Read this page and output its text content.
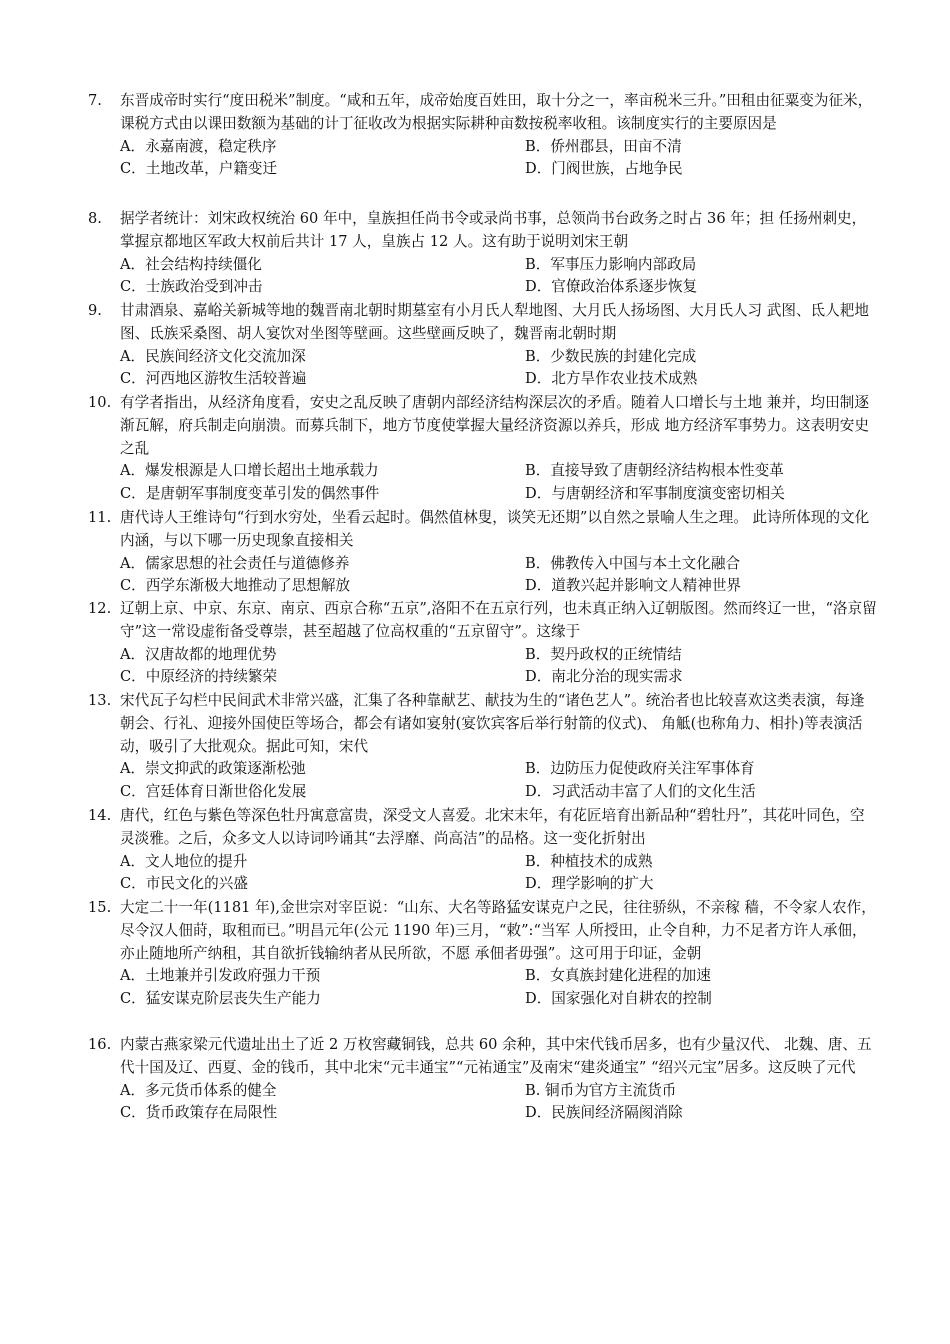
7.	东晋成帝时实行“度田税米”制度。“咸和五年，成帝始度百姓田，取十分之一，率亩税米三升。”田租由征粟变为征米，课税方式由以课田数额为基础的计丁征收改为根据实际耕种亩数按税率收租。该制度实行的主要原因是
A．永嘉南渡，稳定秩序	B．侨州郡县，田亩不清
C．土地改革，户籍变迁	D．门阀世族，占地争民
8.	据学者统计：刘宋政权统治 60 年中，皇族担任尚书令或录尚书事，总领尚书台政务之时占 36 年；担 任扬州刺史，掌握京都地区军政大权前后共计 17 人，皇族占 12 人。这有助于说明刘宋王朝
A．社会结构持续僵化	B．军事压力影响内部政局
C．士族政治受到冲击	D．官僚政治体系逐步恢复
9.	甘肃酒泉、嘉峪关新城等地的魏晋南北朝时期墓室有小月氏人犁地图、大月氏人扬场图、大月氏人习 武图、氐人耙地图、氐族采桑图、胡人宴饮对坐图等壁画。这些壁画反映了，魏晋南北朝时期
A．民族间经济文化交流加深	B．少数民族的封建化完成
C．河西地区游牧生活较普遍	D．北方旱作农业技术成熟
10. 有学者指出，从经济角度看，安史之乱反映了唐朝内部经济结构深层次的矛盾。随着人口增长与土地 兼并，均田制逐渐瓦解，府兵制走向崩溃。而募兵制下，地方节度使掌握大量经济资源以养兵，形成 地方经济军事势力。这表明安史之乱
A．爆发根源是人口增长超出土地承载力	B．直接导致了唐朝经济结构根本性变革
C．是唐朝军事制度变革引发的偶然事件	D．与唐朝经济和军事制度演变密切相关
11. 唐代诗人王维诗句“行到水穷处，坐看云起时。偶然值林叟，谈笑无还期”以自然之景喻人生之理。 此诗所体现的文化内涵，与以下哪一历史现象直接相关
A．儒家思想的社会责任与道德修养	B．佛教传入中国与本土文化融合
C．西学东渐极大地推动了思想解放	D．道教兴起并影响文人精神世界
12. 辽朝上京、中京、东京、南京、西京合称“五京”,洛阳不在五京行列，也未真正纳入辽朝版图。然而终辽一世，“洛京留守”这一常设虚衔备受尊崇，甚至超越了位高权重的“五京留守”。这缘于
A．汉唐故都的地理优势	B．契丹政权的正统情结
C．中原经济的持续繁荣	D．南北分治的现实需求
13. 宋代瓦子勾栏中民间武术非常兴盛，汇集了各种靠献艺、献技为生的“诸色艺人”。统治者也比较喜欢这类表演，每逢朝会、行礼、迎接外国使臣等场合，都会有诸如宴射(宴饮宾客后举行射箭的仪式)、 角觝(也称角力、相扑)等表演活动，吸引了大批观众。据此可知，宋代
A．崇文抑武的政策逐渐松弛	B．边防压力促使政府关注军事体育
C．宫廷体育日渐世俗化发展	D．习武活动丰富了人们的文化生活
14. 唐代，红色与紫色等深色牡丹寓意富贵，深受文人喜爱。北宋末年，有花匠培育出新品种“碧牡丹”，其花叶同色，空灵淡雅。之后，众多文人以诗词吟诵其“去浮靡、尚高洁”的品格。这一变化折射出
A．文人地位的提升	B．种植技术的成熟
C．市民文化的兴盛	D．理学影响的扩大
15. 大定二十一年(1181 年),金世宗对宰臣说：“山东、大名等路猛安谋克户之民，往往骄纵，不亲稼 穑，不令家人农作，尽令汉人佃莳，取租而已。”明昌元年(公元 1190 年)三月，“敕”:“当军 人所授田，止令自种，力不足者方许人承佃，亦止随地所产纳租，其自欲折钱输纳者从民所欲，不愿 承佃者毋强”。这可用于印证，金朝
A．土地兼并引发政府强力干预	B．女真族封建化进程的加速
C．猛安谋克阶层丧失生产能力	D．国家强化对自耕农的控制
16. 内蒙古燕家梁元代遗址出土了近 2 万枚窖藏铜钱，总共 60 余种，其中宋代钱币居多，也有少量汉代、 北魏、唐、五代十国及辽、西夏、金的钱币，其中北宋“元丰通宝”“元祐通宝”及南宋“建炎通宝” “绍兴元宝”居多。这反映了元代
A．多元货币体系的健全	B. 铜币为官方主流货币
C．货币政策存在局限性	D．民族间经济隔阂消除
